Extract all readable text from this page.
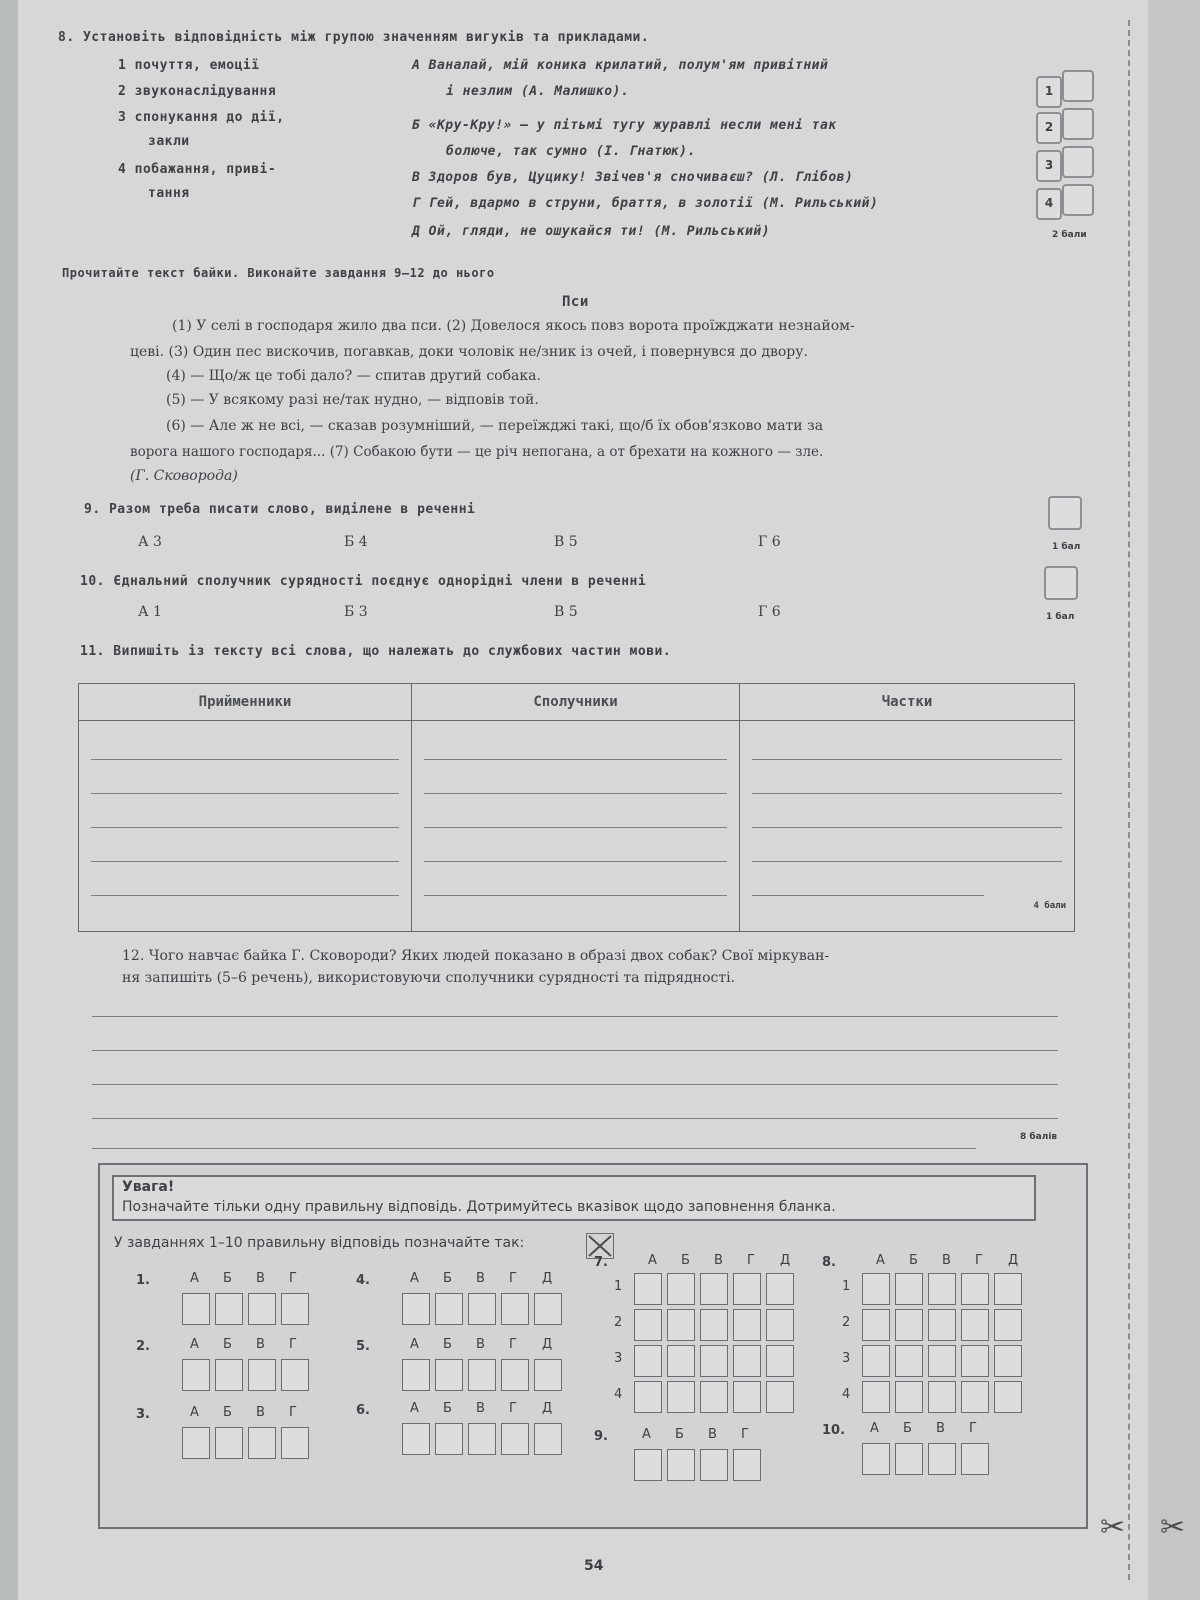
✂ ✂
8. Установіть відповідність між групою значенням вигуків та прикладами.
1 почуття, емоції
2 звуконаслідування
3 спонукання до дії,
закли
4 побажання, приві-
тання
А Ваналай, мій коника крилатий, полум'ям привітний
і незлим (А. Малишко).
Б «Кру-Кру!» — у пітьмі тугу журавлі несли мені так
болюче, так сумно (І. Гнатюк).
В Здоров був, Цуцику! Звічев'я сночиваєш? (Л. Глібов)
Г Гей, вдармо в струни, браття, в золотії (М. Рильський)
Д Ой, гляди, не ошукайся ти! (М. Рильський)
1
2
3
4
2 бали
Прочитайте текст байки. Виконайте завдання 9–12 до нього
Пси
(1) У селі в господаря жило два пси. (2) Довелося якось повз ворота проїжджати незнайом-
цеві. (3) Один пес вискочив, погавкав, доки чоловік не/зник із очей, і повернувся до двору.
(4) — Що/ж це тобі дало? — спитав другий собака.
(5) — У всякому разі не/так нудно, — відповів той.
(6) — Але ж не всі, — сказав розумніший, — переїжджі такі, що/б їх обов'язково мати за
ворога нашого господаря... (7) Собакою бути — це річ непогана, а от брехати на кожного — зле.
(Г. Сковорода)
9. Разом треба писати слово, виділене в реченні
А 3	Б 4	В 5	Г 6	1 бал
10. Єднальний сполучник сурядності поєднує однорідні члени в реченні
А 1	Б 3	В 5	Г 6	1 бал
11. Випишіть із тексту всі слова, що належать до службових частин мови.
Прийменники	Сполучники	Частки

		4 бали
12. Чого навчає байка Г. Сковороди? Яких людей показано в образі двох собак? Свої міркуван-
ня запишіть (5–6 речень), використовуючи сполучники сурядності та підрядності.
8 балів
Увага!
Позначайте тільки одну правильну відповідь. Дотримуйтесь вказівок щодо заповнення бланка.
У завданнях 1–10 правильну відповідь позначайте так:
1.	А Б В Г
2.	А Б В Г
3.	А Б В Г
4.	А Б В Г Д
5.	А Б В Г Д
6.	А Б В Г Д
7.	А Б В Г Д
1
2
3
4
8.	А Б В Г Д
1
2
3
4
9.	А Б В Г	10. А Б В Г
54
